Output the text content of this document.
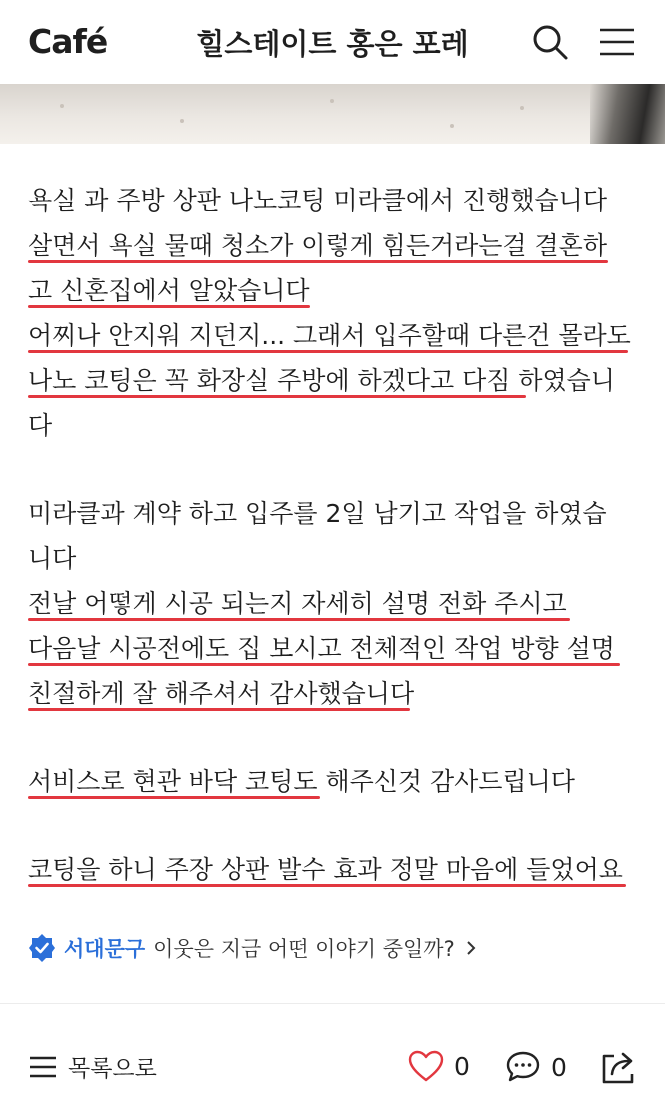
Café	힐스테이트 홍은 포레
욕실 과 주방 상판 나노코팅 미라클에서 진행했습니다
살면서 욕실 물때 청소가 이렇게 힘든거라는걸 결혼하
고 신혼집에서 알았습니다
어찌나 안지워 지던지... 그래서 입주할때 다른건 몰라도
나노 코팅은 꼭 화장실 주방에 하겠다고 다짐 하였습니
다
미라클과 계약 하고 입주를 2일 남기고 작업을 하였습
니다
전날 어떻게 시공 되는지 자세히 설명 전화 주시고
다음날 시공전에도 집 보시고 전체적인 작업 방향 설명
친절하게 잘 해주셔서 감사했습니다
서비스로 현관 바닥 코팅도 해주신것 감사드립니다
코팅을 하니 주장 상판 발수 효과 정말 마음에 들었어요
서대문구 이웃은 지금 어떤 이야기 중일까?
목록으로	0	0
